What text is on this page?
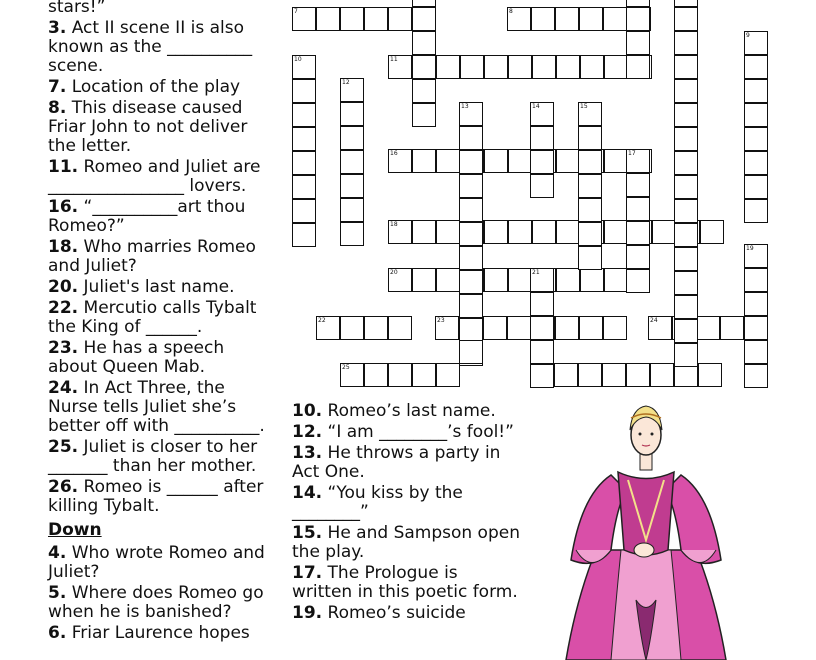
stars!”
3. Act II scene II is also known as the __________ scene.
7. Location of the play
8. This disease caused Friar John to not deliver the letter.
11. Romeo and Juliet are ________________ lovers.
16. “__________art thou Romeo?”
18. Who marries Romeo and Juliet?
20. Juliet's last name.
22. Mercutio calls Tybalt the King of ______.
23. He has a speech about Queen Mab.
24. In Act Three, the Nurse tells Juliet she’s better off with __________.
25. Juliet is closer to her _______ than her mother.
26. Romeo is ______ after killing Tybalt.
Down
4. Who wrote Romeo and Juliet?
5. Where does Romeo go when he is banished?
6. Friar Laurence hopes
10. Romeo’s last name.
12. “I am ________’s fool!”
13. He throws a party in Act One.
14. “You kiss by the ________”
15. He and Sampson open the play.
17. The Prologue is written in this poetic form.
19. Romeo’s suicide
7	8
11
16
18
20
22	23	24
25
9
10
12
13	14	15
17
19
21
